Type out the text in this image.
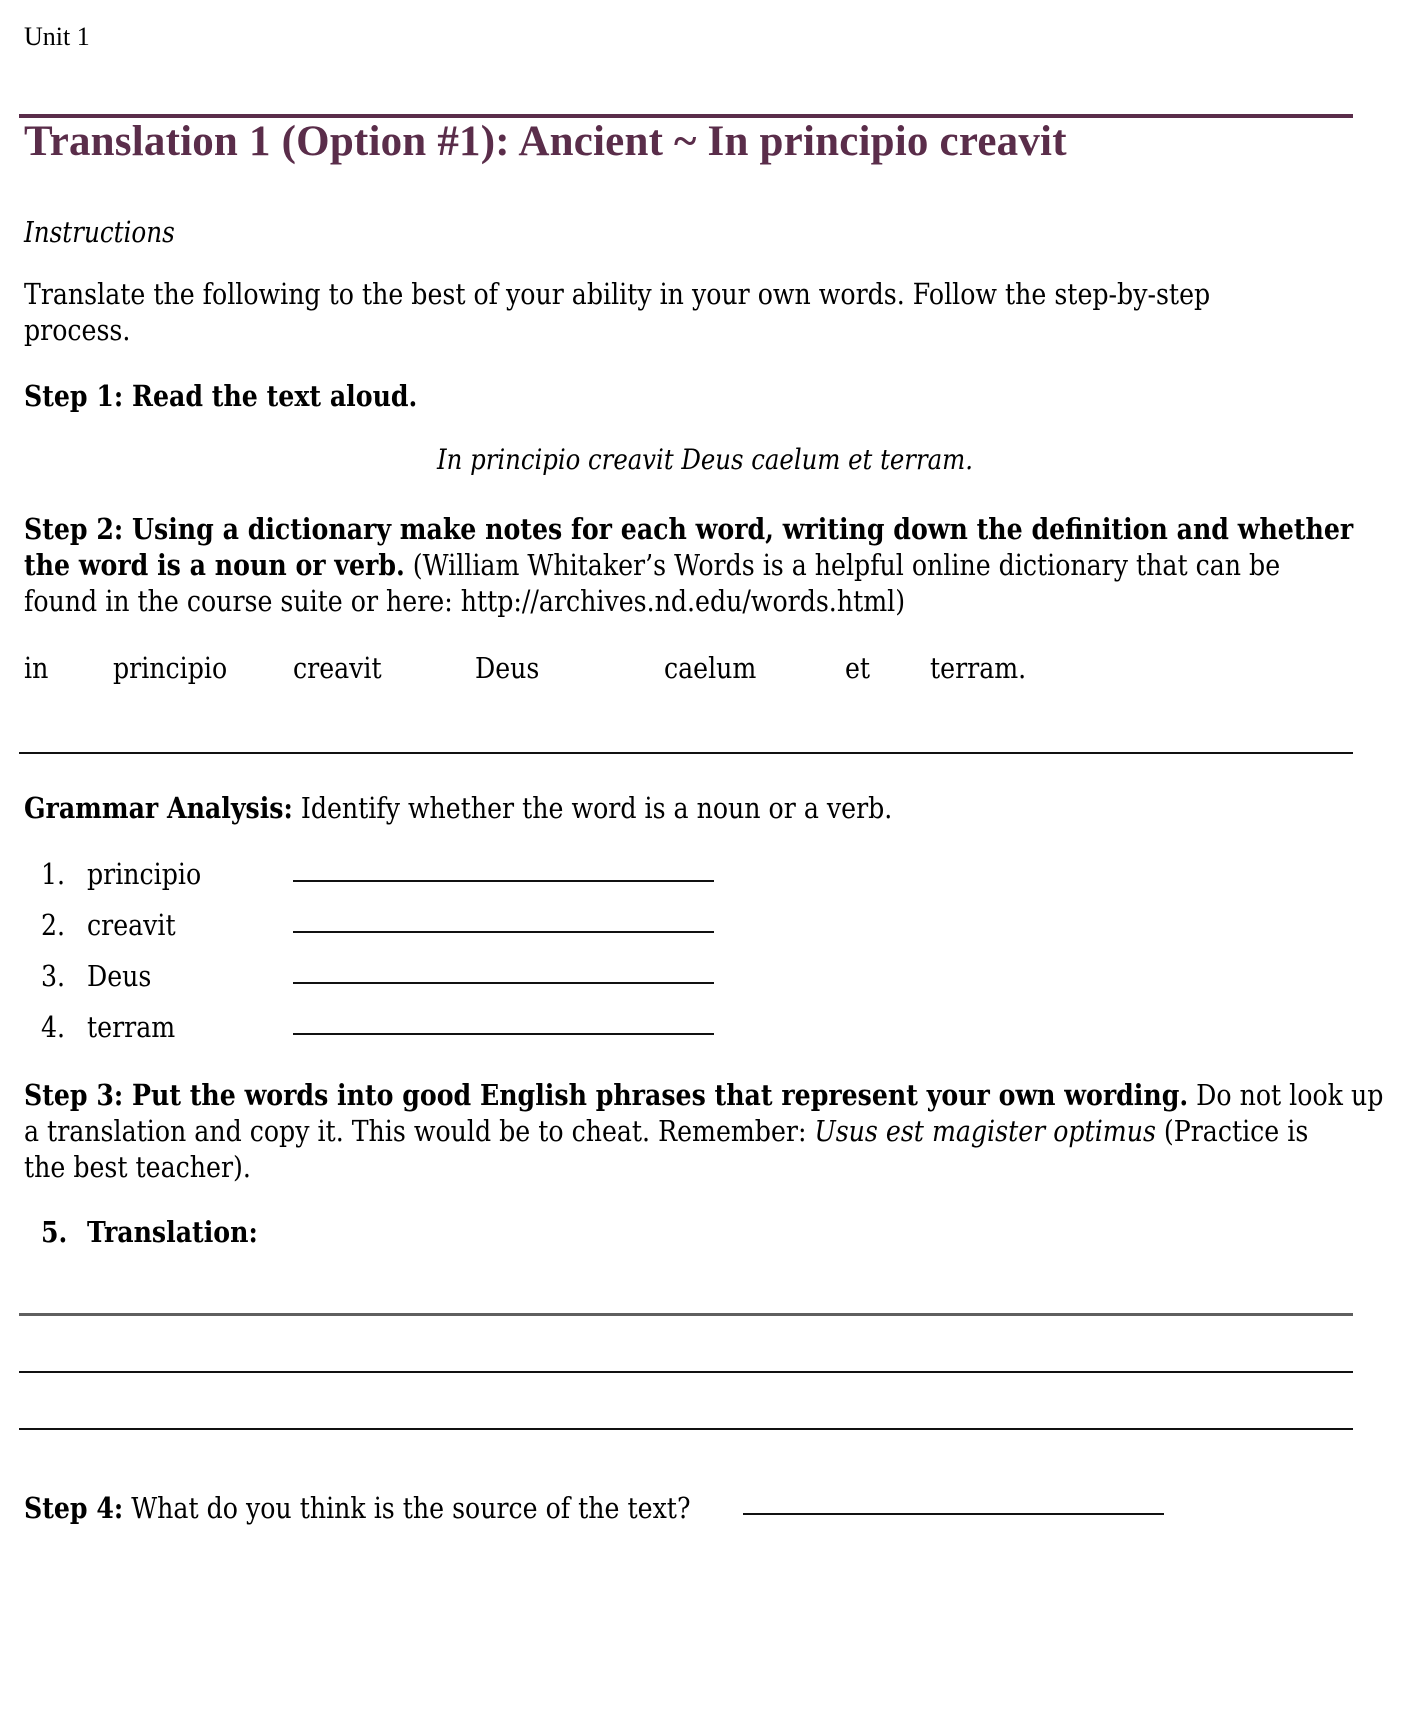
Unit 1
Translation 1 (Option #1): Ancient ~ In principio creavit
Instructions
Translate the following to the best of your ability in your own words. Follow the step-by-step
process.
Step 1: Read the text aloud.
In principio creavit Deus caelum et terram.
Step 2: Using a dictionary make notes for each word, writing down the definition and whether
the word is a noun or verb. (William Whitaker’s Words is a helpful online dictionary that can be
found in the course suite or here: http://archives.nd.edu/words.html)
in principio creavit	Deus	caelum	et terram.
Grammar Analysis: Identify whether the word is a noun or a verb.
1. principio
2. creavit
3. Deus
4. terram
Step 3: Put the words into good English phrases that represent your own wording. Do not look up
a translation and copy it. This would be to cheat. Remember: Usus est magister optimus (Practice is
the best teacher).
5. Translation:
Step 4: What do you think is the source of the text?
